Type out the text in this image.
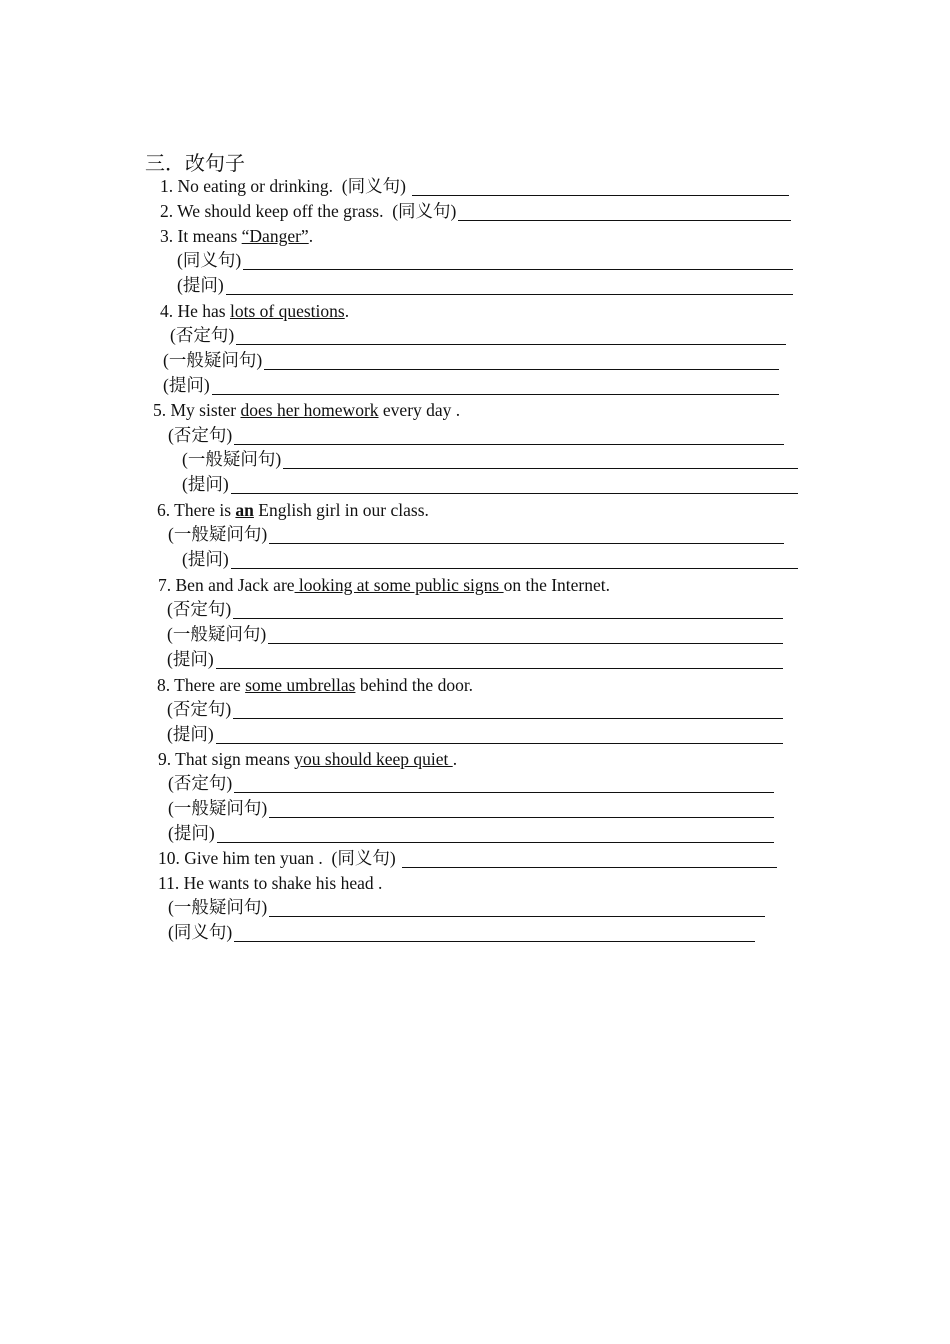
三．改句子
1. No eating or drinking. (同义句)
2. We should keep off the grass. (同义句)
3. It means “Danger” .
(同义句)
(提问)
4. He has lots of questions .
(否定句)
(一般疑问句)
(提问)
5. My sister does her homework every day .
(否定句)
(一般疑问句)
(提问)
6. There is an English girl in our class.
(一般疑问句)
(提问)
7. Ben and Jack are looking at some public signs on the Internet.
(否定句)
(一般疑问句)
(提问)
8. There are some umbrellas behind the door.
(否定句)
(提问)
9. That sign means you should keep quiet .
(否定句)
(一般疑问句)
(提问)
10. Give him ten yuan . (同义句)
11. He wants to shake his head .
(一般疑问句)
(同义句)
